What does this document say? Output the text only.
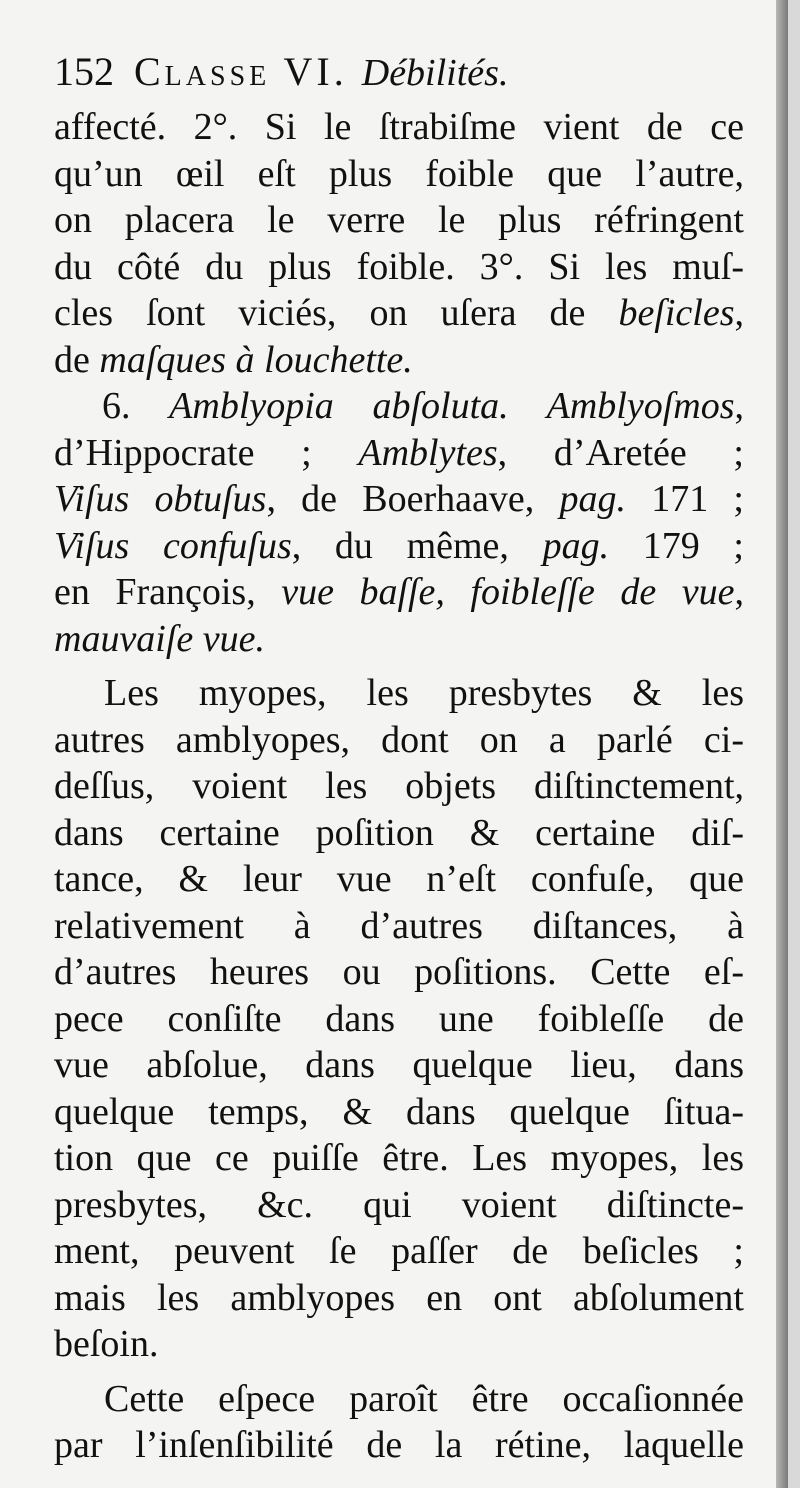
152 Classe VI. Débilités.
affecté. 2°. Si le ſtrabiſme vient de ce
qu’un œil eſt plus foible que l’autre,
on placera le verre le plus réfringent
du côté du plus foible. 3°. Si les muſ-
cles ſont viciés, on uſera de beſicles,
de maſques à louchette.
6. Amblyopia abſoluta. Amblyoſmos,
d’Hippocrate ; Amblytes, d’Aretée ;
Viſus obtuſus, de Boerhaave, pag. 171 ;
Viſus confuſus, du même, pag. 179 ;
en François, vue baſſe, foibleſſe de vue,
mauvaiſe vue.
Les myopes, les presbytes & les
autres amblyopes, dont on a parlé ci-
deſſus, voient les objets diſtinctement,
dans certaine poſition & certaine diſ-
tance, & leur vue n’eſt confuſe, que
relativement à d’autres diſtances, à
d’autres heures ou poſitions. Cette eſ-
pece conſiſte dans une foibleſſe de
vue abſolue, dans quelque lieu, dans
quelque temps, & dans quelque ſitua-
tion que ce puiſſe être. Les myopes, les
presbytes, &c. qui voient diſtincte-
ment, peuvent ſe paſſer de beſicles ;
mais les amblyopes en ont abſolument
beſoin.
Cette eſpece paroît être occaſionnée
par l’inſenſibilité de la rétine, laquelle
